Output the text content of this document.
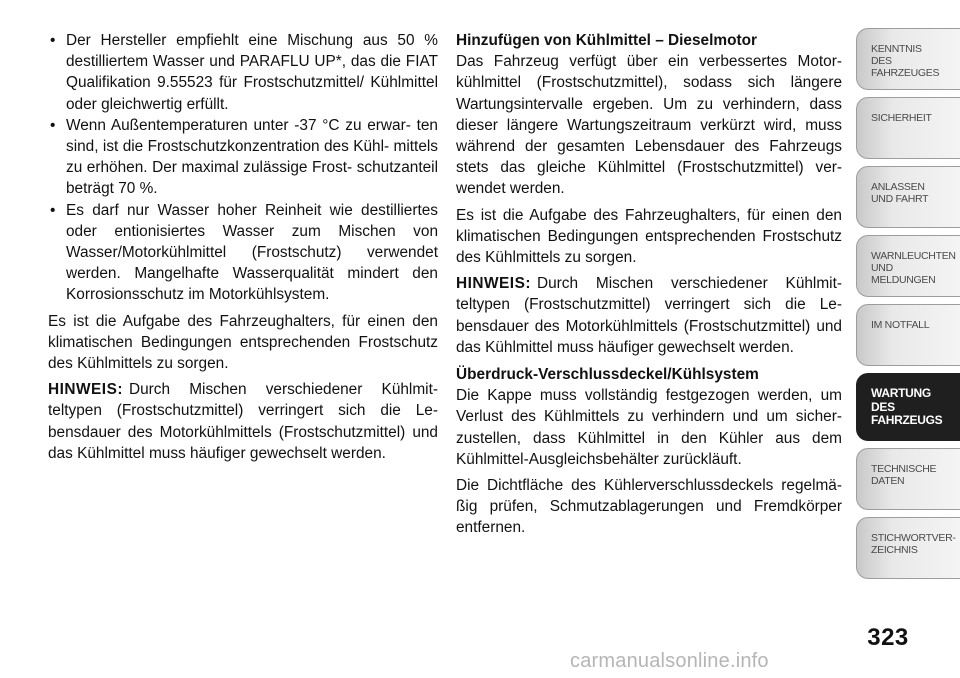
• Der Hersteller empfiehlt eine Mischung aus 50 % destilliertem Wasser und PARAFLU UP*, das die FIAT Qualifikation 9.55523 für Frostschutzmittel/ Kühlmittel oder gleichwertig erfüllt.

• Wenn Außentemperaturen unter -37 °C zu erwar- ten sind, ist die Frostschutzkonzentration des Kühl- mittels zu erhöhen. Der maximal zulässige Frost- schutzanteil beträgt 70 %.

• Es darf nur Wasser hoher Reinheit wie destilliertes oder entionisiertes Wasser zum Mischen von Wasser/Motorkühlmittel (Frostschutz) verwendet werden. Mangelhafte Wasserqualität mindert den Korrosionsschutz im Motorkühlsystem.

Es ist die Aufgabe des Fahrzeughalters, für einen den klimatischen Bedingungen entsprechenden Frostschutz des Kühlmittels zu sorgen.

HINWEIS: Durch Mischen verschiedener Kühlmit- teltypen (Frostschutzmittel) verringert sich die Le- bensdauer des Motorkühlmittels (Frostschutzmittel) und das Kühlmittel muss häufiger gewechselt werden.

Hinzufügen von Kühlmittel – Dieselmotor

Das Fahrzeug verfügt über ein verbessertes Motor- kühlmittel (Frostschutzmittel), sodass sich längere Wartungsintervalle ergeben. Um zu verhindern, dass dieser längere Wartungszeitraum verkürzt wird, muss während der gesamten Lebensdauer des Fahrzeugs stets das gleiche Kühlmittel (Frostschutzmittel) ver- wendet werden.

Es ist die Aufgabe des Fahrzeughalters, für einen den klimatischen Bedingungen entsprechenden Frostschutz des Kühlmittels zu sorgen.

HINWEIS: Durch Mischen verschiedener Kühlmit- teltypen (Frostschutzmittel) verringert sich die Le- bensdauer des Motorkühlmittels (Frostschutzmittel) und das Kühlmittel muss häufiger gewechselt werden.

Überdruck-Verschlussdeckel/Kühlsystem

Die Kappe muss vollständig festgezogen werden, um Verlust des Kühlmittels zu verhindern und um sicher- zustellen, dass Kühlmittel in den Kühler aus dem Kühlmittel-Ausgleichsbehälter zurückläuft.

Die Dichtfläche des Kühlerverschlussdeckels regelmä- ßig prüfen, Schmutzablagerungen und Fremdkörper entfernen.

KENNTNIS
DES
FAHRZEUGES
SICHERHEIT
ANLASSEN
UND FAHRT
WARNLEUCHTEN
UND
MELDUNGEN
IM NOTFALL
WARTUNG
DES
FAHRZEUGS
TECHNISCHE
DATEN
STICHWORTVER-
ZEICHNIS
323
carmanualsonline.info
